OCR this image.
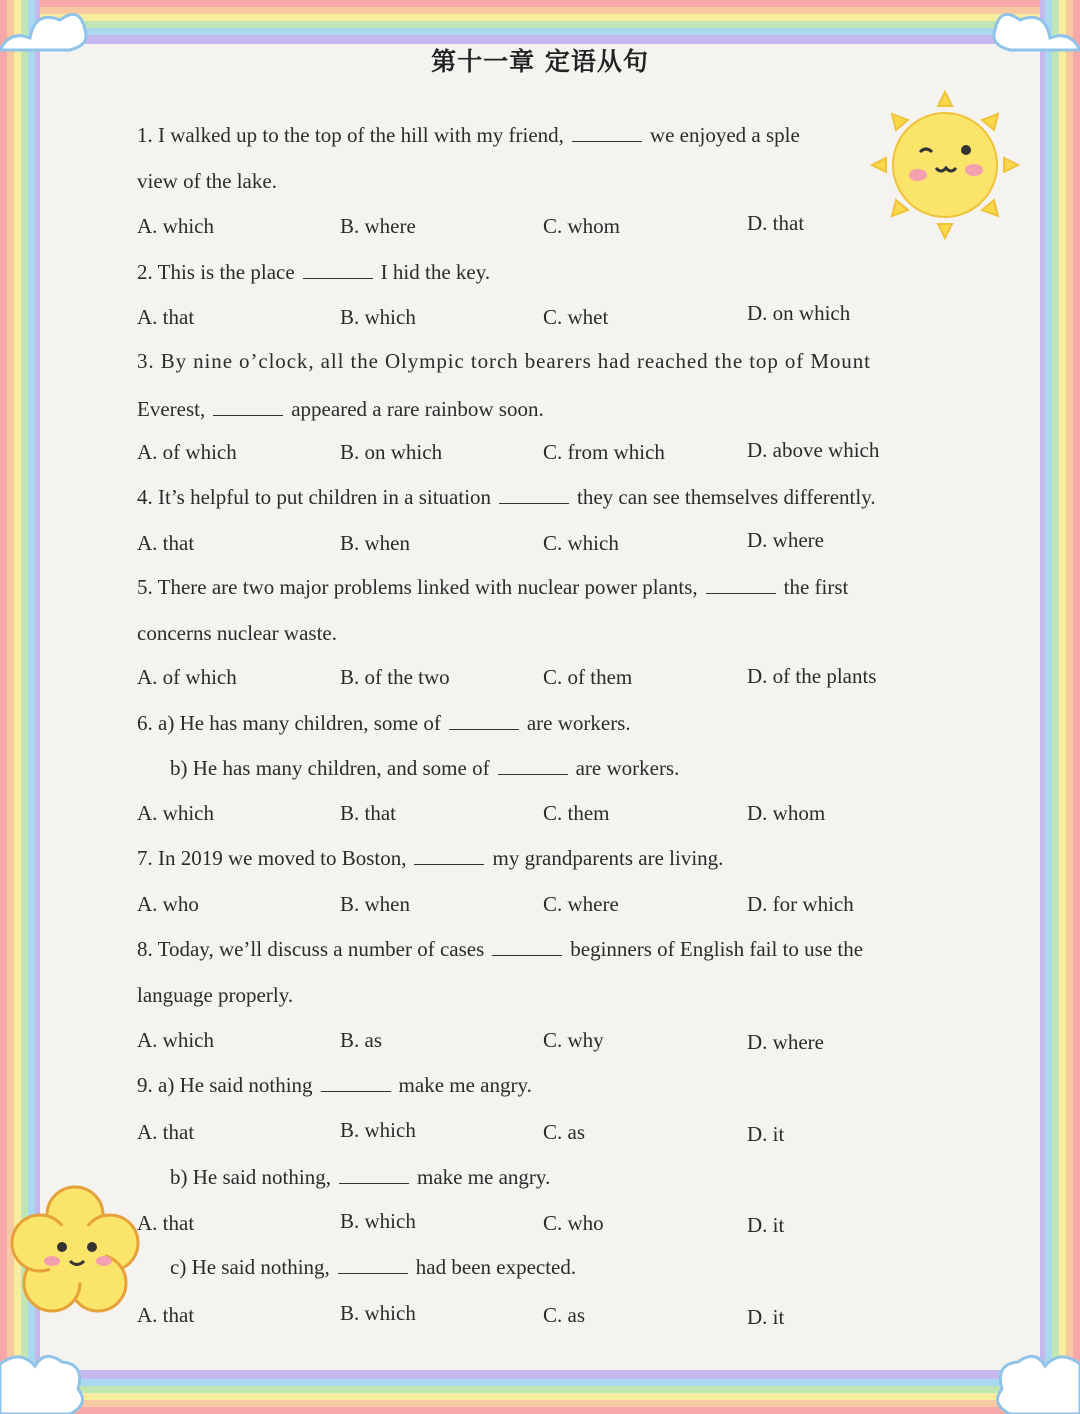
第十一章 定语从句
1. I walked up to the top of the hill with my friend,	we enjoyed a sple
view of the lake.
A. which	B. where	C. whom	D. that
2. This is the place	I hid the key.
A. that	B. which	C. whet	D. on which
3. By nine o’clock, all the Olympic torch bearers had reached the top of Mount
Everest,	appeared a rare rainbow soon.
A. of which	B. on which	C. from which	D. above which
4. It’s helpful to put children in a situation	they can see themselves differently.
A. that	B. when	C. which	D. where
5. There are two major problems linked with nuclear power plants,	the first
concerns nuclear waste.
A. of which	B. of the two	C. of them	D. of the plants
6. a) He has many children, some of	are workers.
b) He has many children, and some of	are workers.
A. which	B. that	C. them	D. whom
7. In 2019 we moved to Boston,	my grandparents are living.
A. who	B. when	C. where	D. for which
8. Today, we’ll discuss a number of cases	beginners of English fail to use the
language properly.
A. which	B. as	C. why	D. where
9. a) He said nothing	make me angry.
A. that	B. which	C. as	D. it
b) He said nothing,	make me angry.
A. that	B. which	C. who	D. it
c) He said nothing,	had been expected.
A. that	B. which	C. as	D. it
